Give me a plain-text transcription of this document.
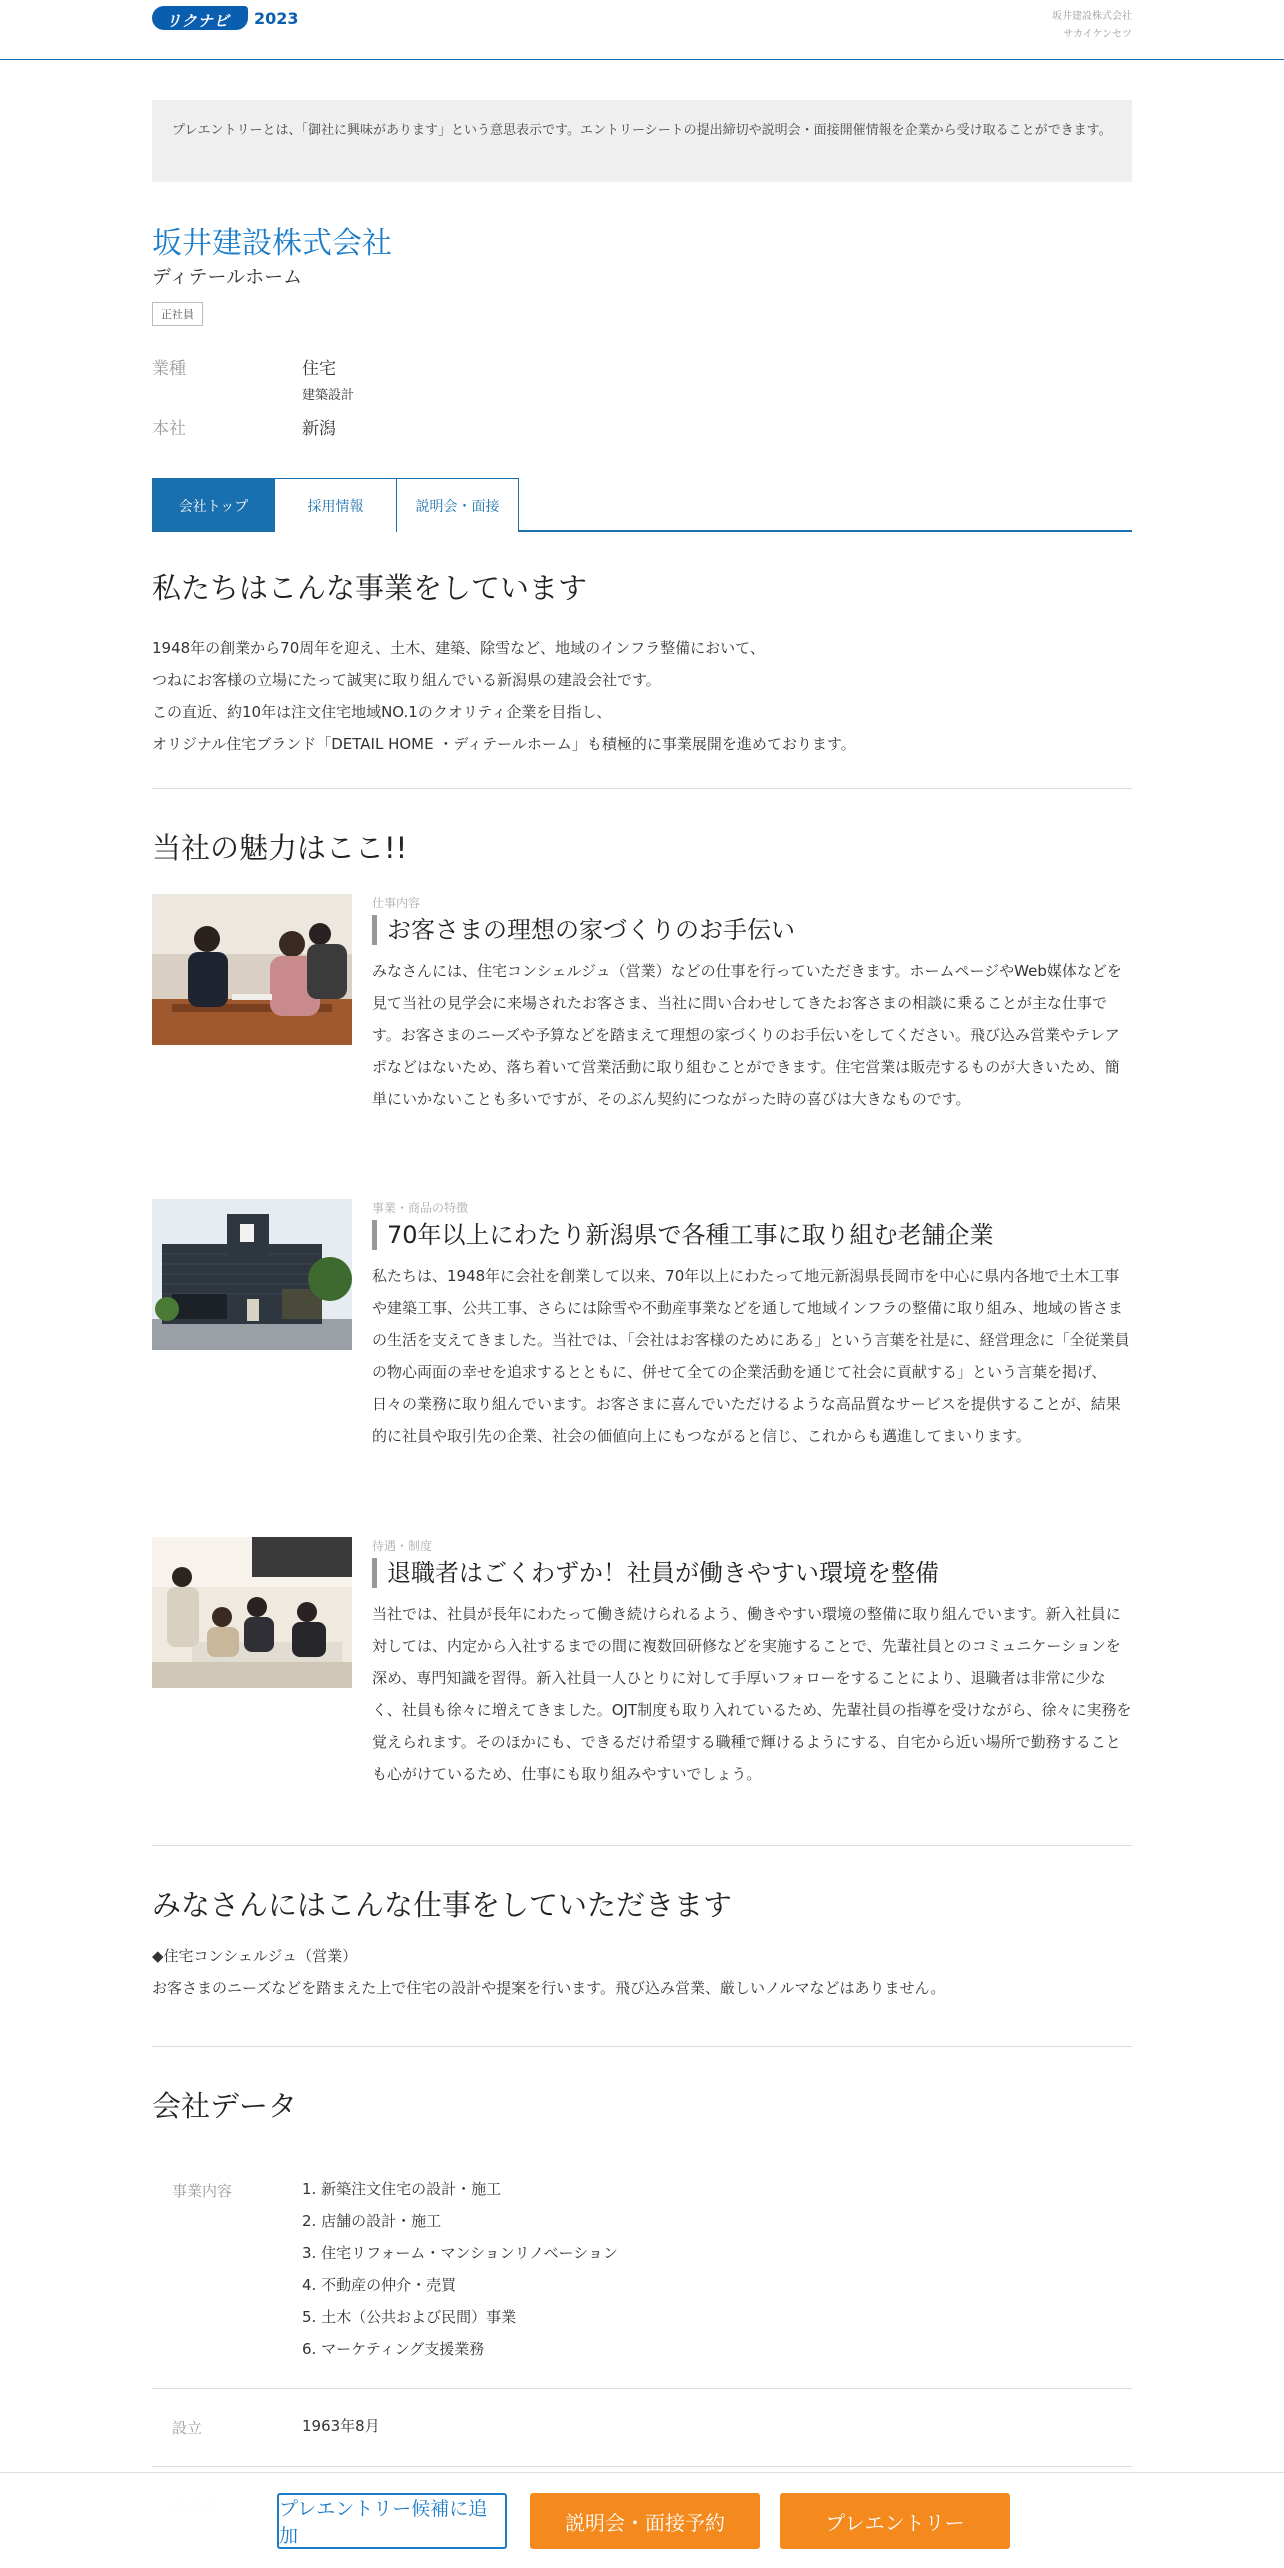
リクナビ 2023	坂井建設株式会社
サカイケンセツ
プレエントリーとは、「御社に興味があります」という意思表示です。エントリーシートの提出締切や説明会・面接開催情報を企業から受け取ることができます。
坂井建設株式会社
ディテールホーム
正社員
業種	住宅
建築設計
本社	新潟
会社トップ	採用情報	説明会・面接
私たちはこんな事業をしています
1948年の創業から70周年を迎え、土木、建築、除雪など、地域のインフラ整備において、
つねにお客様の立場にたって誠実に取り組んでいる新潟県の建設会社です。
この直近、約10年は注文住宅地域NO.1のクオリティ企業を目指し、
オリジナル住宅ブランド「DETAIL HOME ・ディテールホーム」も積極的に事業展開を進めております。
当社の魅力はここ!!
仕事内容
お客さまの理想の家づくりのお手伝い
みなさんには、住宅コンシェルジュ（営業）などの仕事を行っていただきます。ホームページやWeb媒体などを見て当社の見学会に来場されたお客さま、当社に問い合わせしてきたお客さまの相談に乗ることが主な仕事です。お客さまのニーズや予算などを踏まえて理想の家づくりのお手伝いをしてください。飛び込み営業やテレアポなどはないため、落ち着いて営業活動に取り組むことができます。住宅営業は販売するものが大きいため、簡単にいかないことも多いですが、そのぶん契約につながった時の喜びは大きなものです。
事業・商品の特徴
70年以上にわたり新潟県で各種工事に取り組む老舗企業
私たちは、1948年に会社を創業して以来、70年以上にわたって地元新潟県長岡市を中心に県内各地で土木工事や建築工事、公共工事、さらには除雪や不動産事業などを通して地域インフラの整備に取り組み、地域の皆さまの生活を支えてきました。当社では、「会社はお客様のためにある」という言葉を社是に、経営理念に「全従業員の物心両面の幸せを追求するとともに、併せて全ての企業活動を通じて社会に貢献する」という言葉を掲げ、日々の業務に取り組んでいます。お客さまに喜んでいただけるような高品質なサービスを提供することが、結果的に社員や取引先の企業、社会の価値向上にもつながると信じ、これからも邁進してまいります。
待遇・制度
退職者はごくわずか！社員が働きやすい環境を整備
当社では、社員が長年にわたって働き続けられるよう、働きやすい環境の整備に取り組んでいます。新入社員に対しては、内定から入社するまでの間に複数回研修などを実施することで、先輩社員とのコミュニケーションを深め、専門知識を習得。新入社員一人ひとりに対して手厚いフォローをすることにより、退職者は非常に少なく、社員も徐々に増えてきました。OJT制度も取り入れているため、先輩社員の指導を受けながら、徐々に実務を覚えられます。そのほかにも、できるだけ希望する職種で輝けるようにする、自宅から近い場所で勤務することも心がけているため、仕事にも取り組みやすいでしょう。
みなさんにはこんな仕事をしていただきます
◆住宅コンシェルジュ（営業）
お客さまのニーズなどを踏まえた上で住宅の設計や提案を行います。飛び込み営業、厳しいノルマなどはありません。
会社データ
事業内容	1. 新築注文住宅の設計・施工
2. 店舗の設計・施工
3. 住宅リフォーム・マンションリノベーション
4. 不動産の仲介・売買
5. 土木（公共および民間）事業
6. マーケティング支援業務
設立	1963年8月
プレエントリー候補に追加
説明会・面接予約	プレエントリー
